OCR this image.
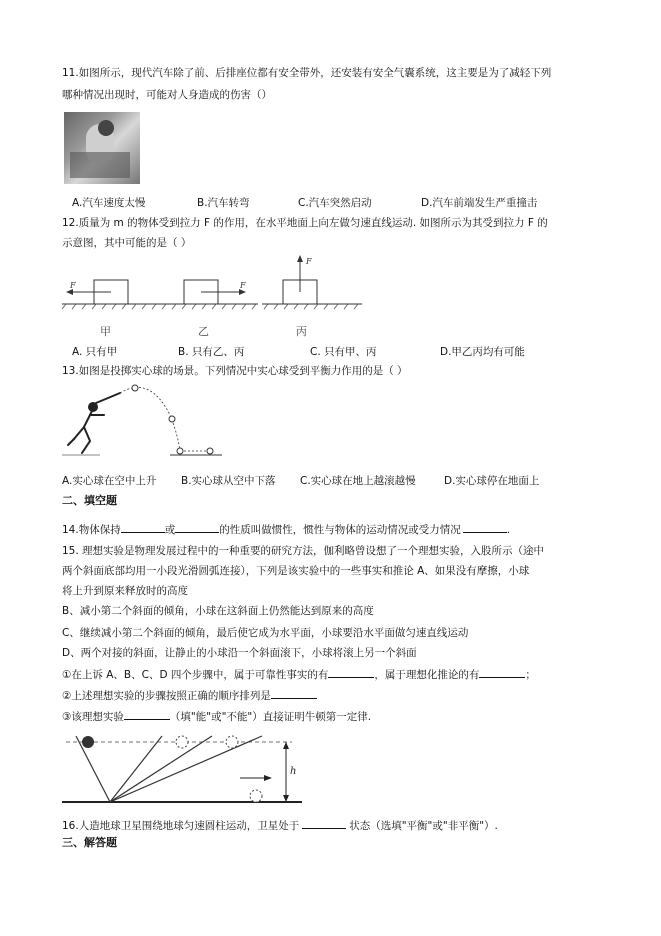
11.如图所示，现代汽车除了前、后排座位都有安全带外，还安装有安全气囊系统，这主要是为了减轻下列
哪种情况出现时，可能对人身造成的伤害（）
A.汽车速度太慢	B.汽车转弯	C.汽车突然启动	D.汽车前端发生严重撞击
12.质量为 m 的物体受到拉力 F 的作用，在水平地面上向左做匀速直线运动. 如图所示为其受到拉力 F 的
示意图，其中可能的是（ ）
F
甲
F
乙
F
丙
A. 只有甲	B. 只有乙、丙	C. 只有甲、丙	D.甲乙丙均有可能
13.如图是投掷实心球的场景。下列情况中实心球受到平衡力作用的是（ ）
A.实心球在空中上升 B.实心球从空中下落 C.实心球在地上越滚越慢	D.实心球停在地面上
二、填空题
14.物体保持	或	的性质叫做惯性，惯性与物体的运动情况或受力情况	.
15. 理想实验是物理发展过程中的一种重要的研究方法，伽利略曾设想了一个理想实验，入股所示（途中
两个斜面底部均用一小段光滑圆弧连接），下列是该实验中的一些事实和推论 A、如果没有摩擦，小球
将上升到原来释放时的高度
B、减小第二个斜面的倾角，小球在这斜面上仍然能达到原来的高度
C、继续减小第二个斜面的倾角，最后使它成为水平面，小球要沿水平面做匀速直线运动
D、两个对接的斜面，让静止的小球沿一个斜面滚下，小球将滚上另一个斜面
①在上诉 A、B、C、D 四个步骤中，属于可靠性事实的有	，属于理想化推论的有	；
②上述理想实验的步骤按照正确的顺序排列是
③该理想实验	（填"能"或"不能"）直接证明牛顿第一定律.
h
16.人造地球卫星围绕地球匀速圆柱运动，卫星处于	状态（选填"平衡"或"非平衡"）.
三、解答题
